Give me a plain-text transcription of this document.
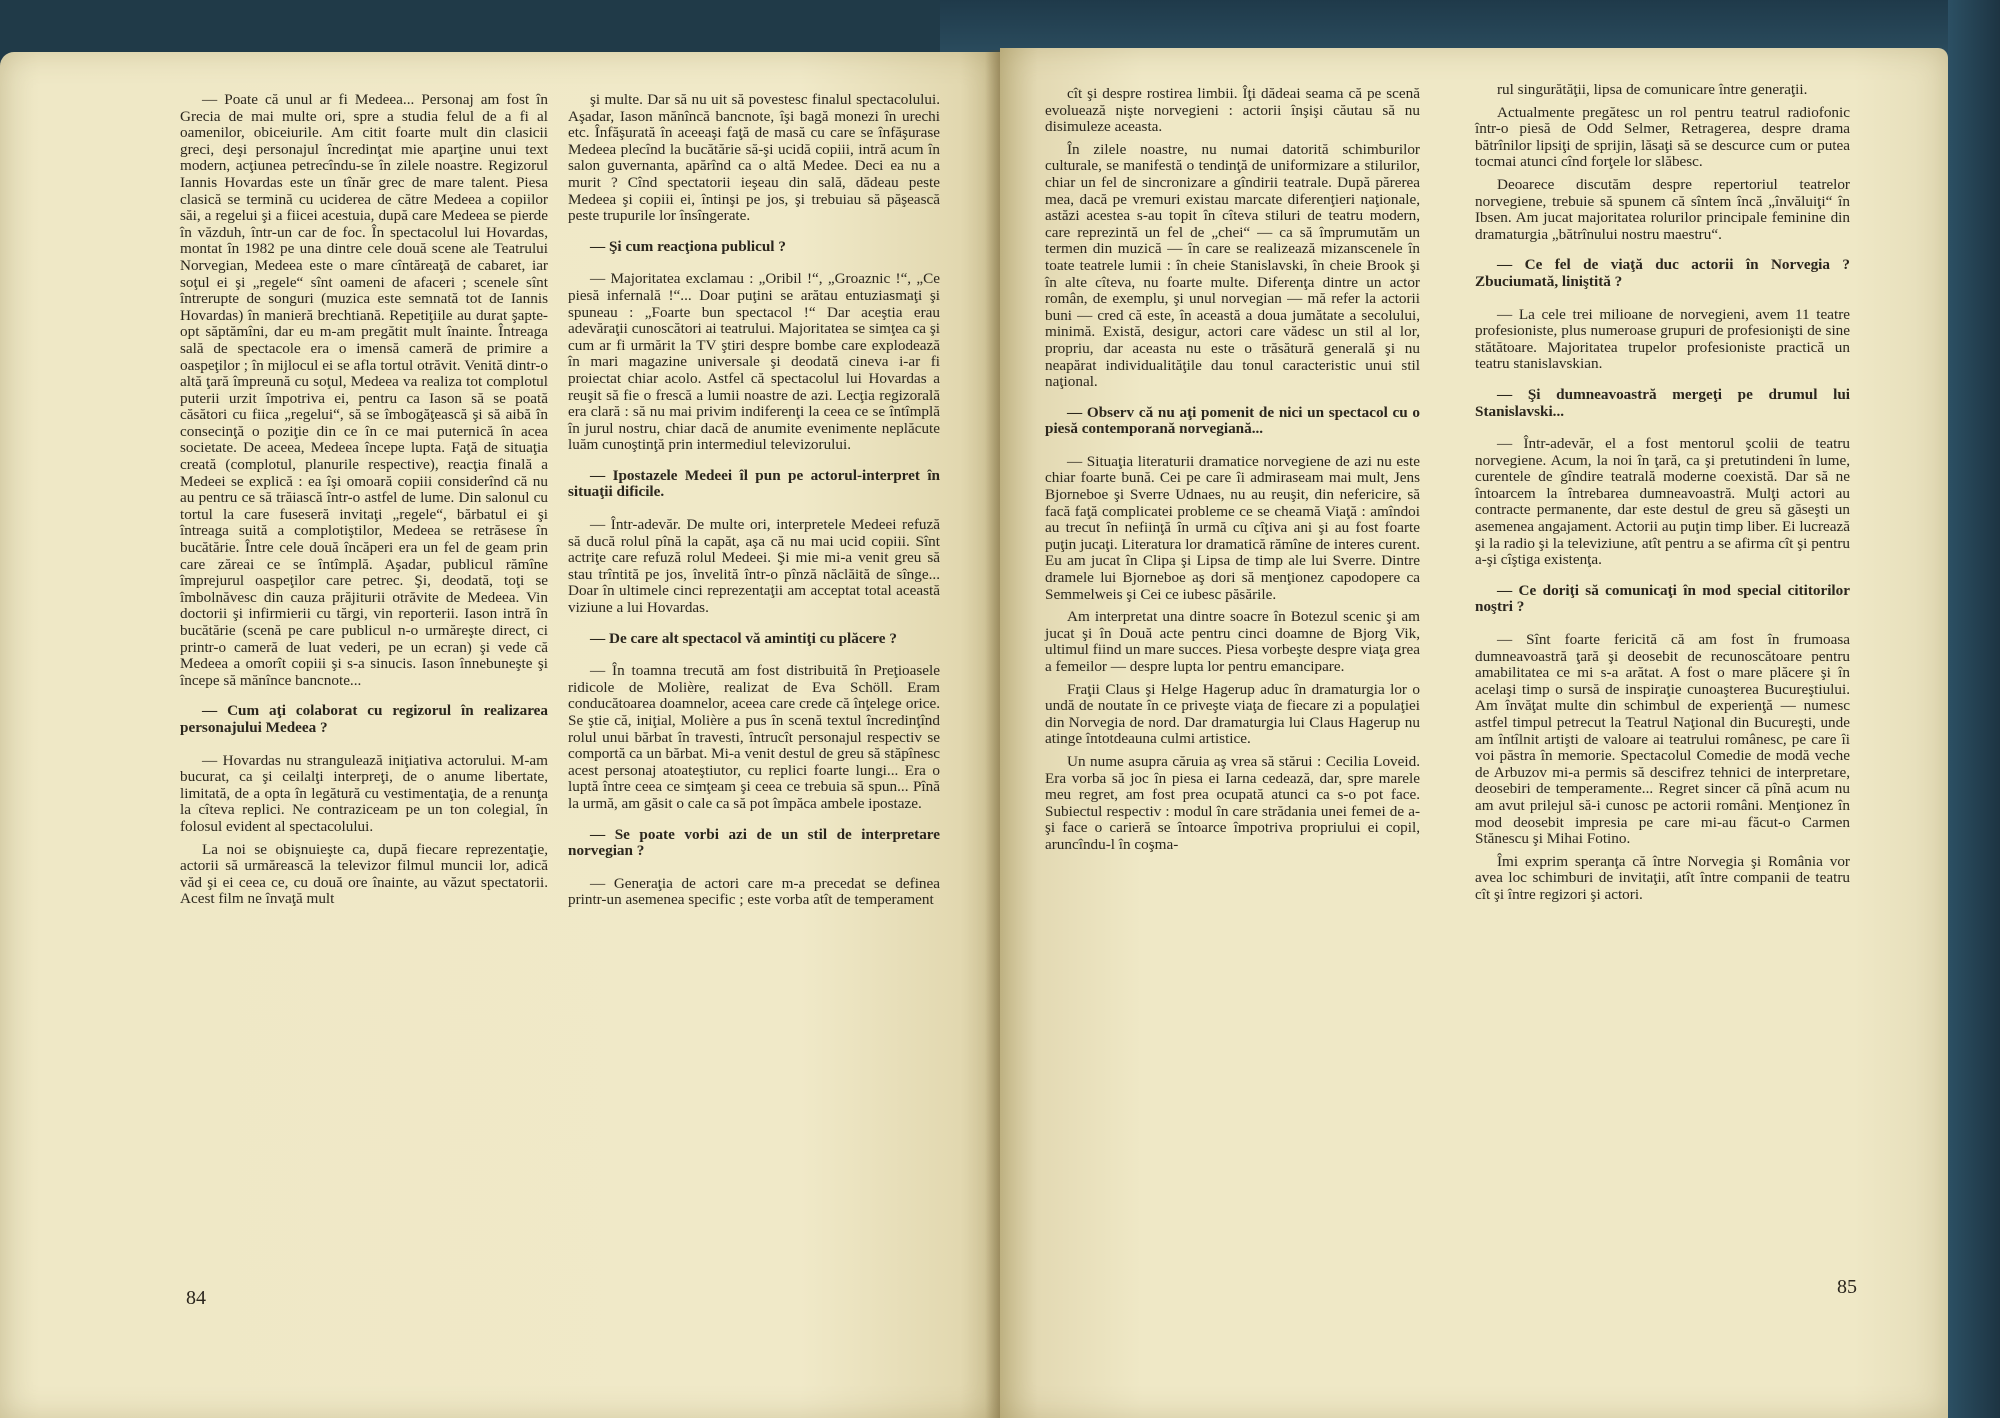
— Poate că unul ar fi Medeea... Personaj am fost în Grecia de mai multe ori, spre a studia felul de a fi al oamenilor, obiceiurile. Am citit foarte mult din clasicii greci, deşi personajul încredinţat mie aparţine unui text modern, acţiunea petrecîndu-se în zilele noastre. Regizorul Iannis Hovardas este un tînăr grec de mare talent. Piesa clasică se termină cu uciderea de către Medeea a copiilor săi, a regelui şi a fiicei acestuia, după care Medeea se pierde în văzduh, într-un car de foc. În spectacolul lui Hovardas, montat în 1982 pe una dintre cele două scene ale Teatrului Norvegian, Medeea este o mare cîntăreaţă de cabaret, iar soţul ei şi „regele“ sînt oameni de afaceri ; scenele sînt întrerupte de songuri (muzica este semnată tot de Iannis Hovardas) în manieră brechtiană. Repetiţiile au durat şapte-opt săptămîni, dar eu m-am pregătit mult înainte. Întreaga sală de spectacole era o imensă cameră de primire a oaspeţilor ; în mijlocul ei se afla tortul otrăvit. Venită dintr-o altă ţară împreună cu soţul, Medeea va realiza tot complotul puterii urzit împotriva ei, pentru ca Iason să se poată căsători cu fiica „regelui“, să se îmbogăţească şi să aibă în consecinţă o poziţie din ce în ce mai puternică în acea societate. De aceea, Medeea începe lupta. Faţă de situaţia creată (complotul, planurile respective), reacţia finală a Medeei se explică : ea îşi omoară copiii considerînd că nu au pentru ce să trăiască într-o astfel de lume. Din salonul cu tortul la care fuseseră invitaţi „regele“, bărbatul ei şi întreaga suită a complotiştilor, Medeea se retrăsese în bucătărie. Între cele două încăperi era un fel de geam prin care zăreai ce se întîmplă. Aşadar, publicul rămîne împrejurul oaspeţilor care petrec. Şi, deodată, toţi se îmbolnăvesc din cauza prăjiturii otrăvite de Medeea. Vin doctorii şi infirmierii cu tărgi, vin reporterii. Iason intră în bucătărie (scenă pe care publicul n-o urmăreşte direct, ci printr-o cameră de luat vederi, pe un ecran) şi vede că Medeea a omorît copiii şi s-a sinucis. Iason înnebuneşte şi începe să mănînce bancnote...

— Cum aţi colaborat cu regizorul în realizarea personajului Medeea ?

— Hovardas nu strangulează iniţiativa actorului. M-am bucurat, ca şi ceilalţi interpreţi, de o anume libertate, limitată, de a opta în legătură cu vestimentaţia, de a renunţa la cîteva replici. Ne contraziceam pe un ton colegial, în folosul evident al spectacolului.

La noi se obişnuieşte ca, după fiecare reprezentaţie, actorii să urmărească la televizor filmul muncii lor, adică văd şi ei ceea ce, cu două ore înainte, au văzut spectatorii. Acest film ne învaţă mult

şi multe. Dar să nu uit să povestesc finalul spectacolului. Aşadar, Iason mănîncă bancnote, îşi bagă monezi în urechi etc. Înfăşurată în aceeaşi faţă de masă cu care se înfăşurase Medeea plecînd la bucătărie să-şi ucidă copiii, intră acum în salon guvernanta, apărînd ca o altă Medee. Deci ea nu a murit ? Cînd spectatorii ieşeau din sală, dădeau peste Medeea şi copiii ei, întinşi pe jos, şi trebuiau să păşească peste trupurile lor însîngerate.

— Şi cum reacţiona publicul ?

— Majoritatea exclamau : „Oribil !“, „Groaznic !“, „Ce piesă infernală !“... Doar puţini se arătau entuziasmaţi şi spuneau : „Foarte bun spectacol !“ Dar aceştia erau adevăraţii cunoscători ai teatrului. Majoritatea se simţea ca şi cum ar fi urmărit la TV ştiri despre bombe care explodează în mari magazine universale şi deodată cineva i-ar fi proiectat chiar acolo. Astfel că spectacolul lui Hovardas a reuşit să fie o frescă a lumii noastre de azi. Lecţia regizorală era clară : să nu mai privim indiferenţi la ceea ce se întîmplă în jurul nostru, chiar dacă de anumite evenimente neplăcute luăm cunoştinţă prin intermediul televizorului.

— Ipostazele Medeei îl pun pe actorul-interpret în situaţii dificile.

— Într-adevăr. De multe ori, interpretele Medeei refuză să ducă rolul pînă la capăt, aşa că nu mai ucid copiii. Sînt actriţe care refuză rolul Medeei. Şi mie mi-a venit greu să stau trîntită pe jos, învelită într-o pînză năclăită de sînge... Doar în ultimele cinci reprezentaţii am acceptat total această viziune a lui Hovardas.

— De care alt spectacol vă amintiţi cu plăcere ?

— În toamna trecută am fost distribuită în Preţioasele ridicole de Molière, realizat de Eva Schöll. Eram conducătoarea doamnelor, aceea care crede că înţelege orice. Se ştie că, iniţial, Molière a pus în scenă textul încredinţînd rolul unui bărbat în travesti, întrucît personajul respectiv se comportă ca un bărbat. Mi-a venit destul de greu să stăpînesc acest personaj atoateştiutor, cu replici foarte lungi... Era o luptă între ceea ce simţeam şi ceea ce trebuia să spun... Pînă la urmă, am găsit o cale ca să pot împăca ambele ipostaze.

— Se poate vorbi azi de un stil de interpretare norvegian ?

— Generaţia de actori care m-a precedat se definea printr-un asemenea specific ; este vorba atît de temperament

84

cît şi despre rostirea limbii. Îţi dădeai seama că pe scenă evoluează nişte norvegieni : actorii înşişi căutau să nu disimuleze aceasta.

În zilele noastre, nu numai datorită schimburilor culturale, se manifestă o tendinţă de uniformizare a stilurilor, chiar un fel de sincronizare a gîndirii teatrale. După părerea mea, dacă pe vremuri existau marcate diferenţieri naţionale, astăzi acestea s-au topit în cîteva stiluri de teatru modern, care reprezintă un fel de „chei“ — ca să împrumutăm un termen din muzică — în care se realizează mizanscenele în toate teatrele lumii : în cheie Stanislavski, în cheie Brook şi în alte cîteva, nu foarte multe. Diferenţa dintre un actor român, de exemplu, şi unul norvegian — mă refer la actorii buni — cred că este, în această a doua jumătate a secolului, minimă. Există, desigur, actori care vădesc un stil al lor, propriu, dar aceasta nu este o trăsătură generală şi nu neapărat individualităţile dau tonul caracteristic unui stil naţional.

— Observ că nu aţi pomenit de nici un spectacol cu o piesă contemporană norvegiană...

— Situaţia literaturii dramatice norvegiene de azi nu este chiar foarte bună. Cei pe care îi admiraseam mai mult, Jens Bjorneboe şi Sverre Udnaes, nu au reuşit, din nefericire, să facă faţă complicatei probleme ce se cheamă Viaţă : amîndoi au trecut în nefiinţă în urmă cu cîţiva ani şi au fost foarte puţin jucaţi. Literatura lor dramatică rămîne de interes curent. Eu am jucat în Clipa şi Lipsa de timp ale lui Sverre. Dintre dramele lui Bjorneboe aş dori să menţionez capodopere ca Semmelweis şi Cei ce iubesc păsările.

Am interpretat una dintre soacre în Botezul scenic şi am jucat şi în Două acte pentru cinci doamne de Bjorg Vik, ultimul fiind un mare succes. Piesa vorbeşte despre viaţa grea a femeilor — despre lupta lor pentru emancipare.

Fraţii Claus şi Helge Hagerup aduc în dramaturgia lor o undă de noutate în ce priveşte viaţa de fiecare zi a populaţiei din Norvegia de nord. Dar dramaturgia lui Claus Hagerup nu atinge întotdeauna culmi artistice.

Un nume asupra căruia aş vrea să stărui : Cecilia Loveid. Era vorba să joc în piesa ei Iarna cedează, dar, spre marele meu regret, am fost prea ocupată atunci ca s-o pot face. Subiectul respectiv : modul în care strădania unei femei de a-şi face o carieră se întoarce împotriva propriului ei copil, aruncîndu-l în coşma-

rul singurătăţii, lipsa de comunicare între generaţii.

Actualmente pregătesc un rol pentru teatrul radiofonic într-o piesă de Odd Selmer, Retragerea, despre drama bătrînilor lipsiţi de sprijin, lăsaţi să se descurce cum or putea tocmai atunci cînd forţele lor slăbesc.

Deoarece discutăm despre repertoriul teatrelor norvegiene, trebuie să spunem că sîntem încă „învăluiţi“ în Ibsen. Am jucat majoritatea rolurilor principale feminine din dramaturgia „bătrînului nostru maestru“.

— Ce fel de viaţă duc actorii în Norvegia ? Zbuciumată, liniştită ?

— La cele trei milioane de norvegieni, avem 11 teatre profesioniste, plus numeroase grupuri de profesionişti de sine stătătoare. Majoritatea trupelor profesioniste practică un teatru stanislavskian.

— Şi dumneavoastră mergeţi pe drumul lui Stanislavski...

— Într-adevăr, el a fost mentorul şcolii de teatru norvegiene. Acum, la noi în ţară, ca şi pretutindeni în lume, curentele de gîndire teatrală moderne coexistă. Dar să ne întoarcem la întrebarea dumneavoastră. Mulţi actori au contracte permanente, dar este destul de greu să găseşti un asemenea angajament. Actorii au puţin timp liber. Ei lucrează şi la radio şi la televiziune, atît pentru a se afirma cît şi pentru a-şi cîştiga existenţa.

— Ce doriţi să comunicaţi în mod special cititorilor noştri ?

— Sînt foarte fericită că am fost în frumoasa dumneavoastră ţară şi deosebit de recunoscătoare pentru amabilitatea ce mi s-a arătat. A fost o mare plăcere şi în acelaşi timp o sursă de inspiraţie cunoaşterea Bucureştiului. Am învăţat multe din schimbul de experienţă — numesc astfel timpul petrecut la Teatrul Naţional din Bucureşti, unde am întîlnit artişti de valoare ai teatrului românesc, pe care îi voi păstra în memorie. Spectacolul Comedie de modă veche de Arbuzov mi-a permis să descifrez tehnici de interpretare, deosebiri de temperamente... Regret sincer că pînă acum nu am avut prilejul să-i cunosc pe actorii români. Menţionez în mod deosebit impresia pe care mi-au făcut-o Carmen Stănescu şi Mihai Fotino.

Îmi exprim speranţa că între Norvegia şi România vor avea loc schimburi de invitaţii, atît între companii de teatru cît şi între regizori şi actori.

85
